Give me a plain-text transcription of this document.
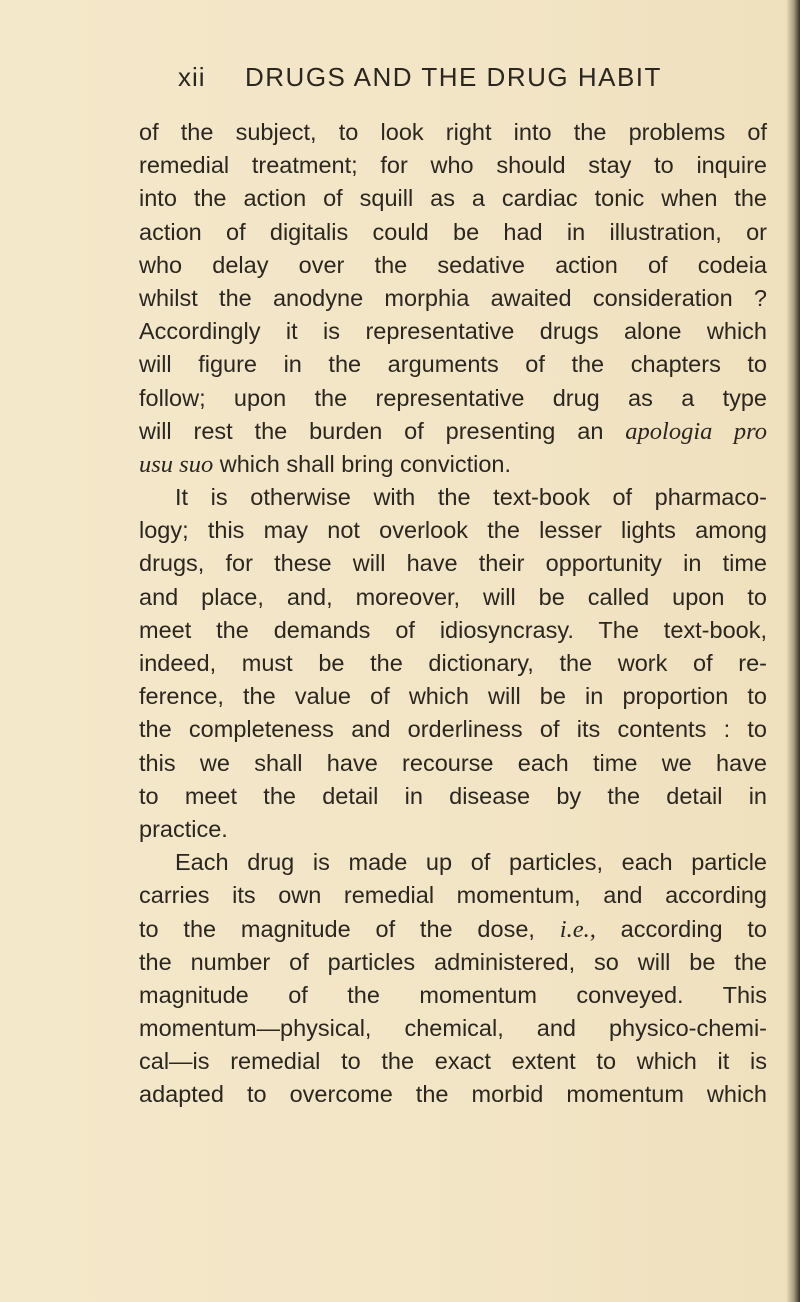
xii DRUGS AND THE DRUG HABIT
of the subject, to look right into the problems of
remedial treatment; for who should stay to inquire
into the action of squill as a cardiac tonic when the
action of digitalis could be had in illustration, or
who delay over the sedative action of codeia
whilst the anodyne morphia awaited consideration ?
Accordingly it is representative drugs alone which
will figure in the arguments of the chapters to
follow; upon the representative drug as a type
will rest the burden of presenting an apologia pro
usu suo which shall bring conviction.
It is otherwise with the text-book of pharmaco-
logy; this may not overlook the lesser lights among
drugs, for these will have their opportunity in time
and place, and, moreover, will be called upon to
meet the demands of idiosyncrasy. The text-book,
indeed, must be the dictionary, the work of re-
ference, the value of which will be in proportion to
the completeness and orderliness of its contents : to
this we shall have recourse each time we have
to meet the detail in disease by the detail in
practice.
Each drug is made up of particles, each particle
carries its own remedial momentum, and according
to the magnitude of the dose, i.e., according to
the number of particles administered, so will be the
magnitude of the momentum conveyed. This
momentum—physical, chemical, and physico-chemi-
cal—is remedial to the exact extent to which it is
adapted to overcome the morbid momentum which
